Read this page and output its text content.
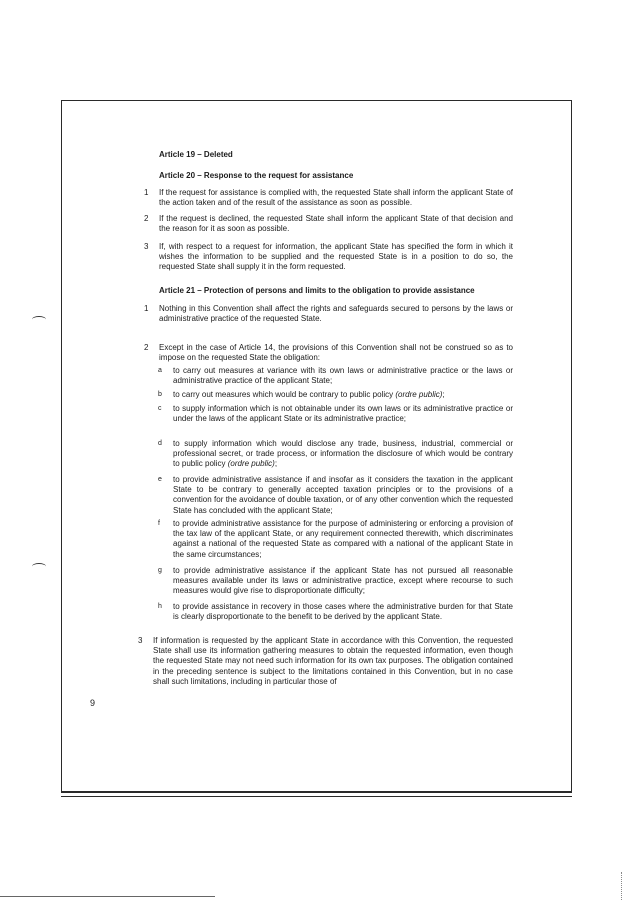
Article 19 – Deleted
Article 20 – Response to the request for assistance
1 If the request for assistance is complied with, the requested State shall inform the applicant State of the action taken and of the result of the assistance as soon as possible.
2 If the request is declined, the requested State shall inform the applicant State of that decision and the reason for it as soon as possible.
3 If, with respect to a request for information, the applicant State has specified the form in which it wishes the information to be supplied and the requested State is in a position to do so, the requested State shall supply it in the form requested.
Article 21 – Protection of persons and limits to the obligation to provide assistance
1 Nothing in this Convention shall affect the rights and safeguards secured to persons by the laws or administrative practice of the requested State.
2 Except in the case of Article 14, the provisions of this Convention shall not be construed so as to impose on the requested State the obligation:
a to carry out measures at variance with its own laws or administrative practice or the laws or administrative practice of the applicant State;
b to carry out measures which would be contrary to public policy (ordre public);
c to supply information which is not obtainable under its own laws or its administrative practice or under the laws of the applicant State or its administrative practice;
d to supply information which would disclose any trade, business, industrial, commercial or professional secret, or trade process, or information the disclosure of which would be contrary to public policy (ordre public);
e to provide administrative assistance if and insofar as it considers the taxation in the applicant State to be contrary to generally accepted taxation principles or to the provisions of a convention for the avoidance of double taxation, or of any other convention which the requested State has concluded with the applicant State;
f to provide administrative assistance for the purpose of administering or enforcing a provision of the tax law of the applicant State, or any requirement connected therewith, which discriminates against a national of the requested State as compared with a national of the applicant State in the same circumstances;
g to provide administrative assistance if the applicant State has not pursued all reasonable measures available under its laws or administrative practice, except where recourse to such measures would give rise to disproportionate difficulty;
h to provide assistance in recovery in those cases where the administrative burden for that State is clearly disproportionate to the benefit to be derived by the applicant State.
3 If information is requested by the applicant State in accordance with this Convention, the requested State shall use its information gathering measures to obtain the requested information, even though the requested State may not need such information for its own tax purposes. The obligation contained in the preceding sentence is subject to the limitations contained in this Convention, but in no case shall such limitations, including in particular those of
9
